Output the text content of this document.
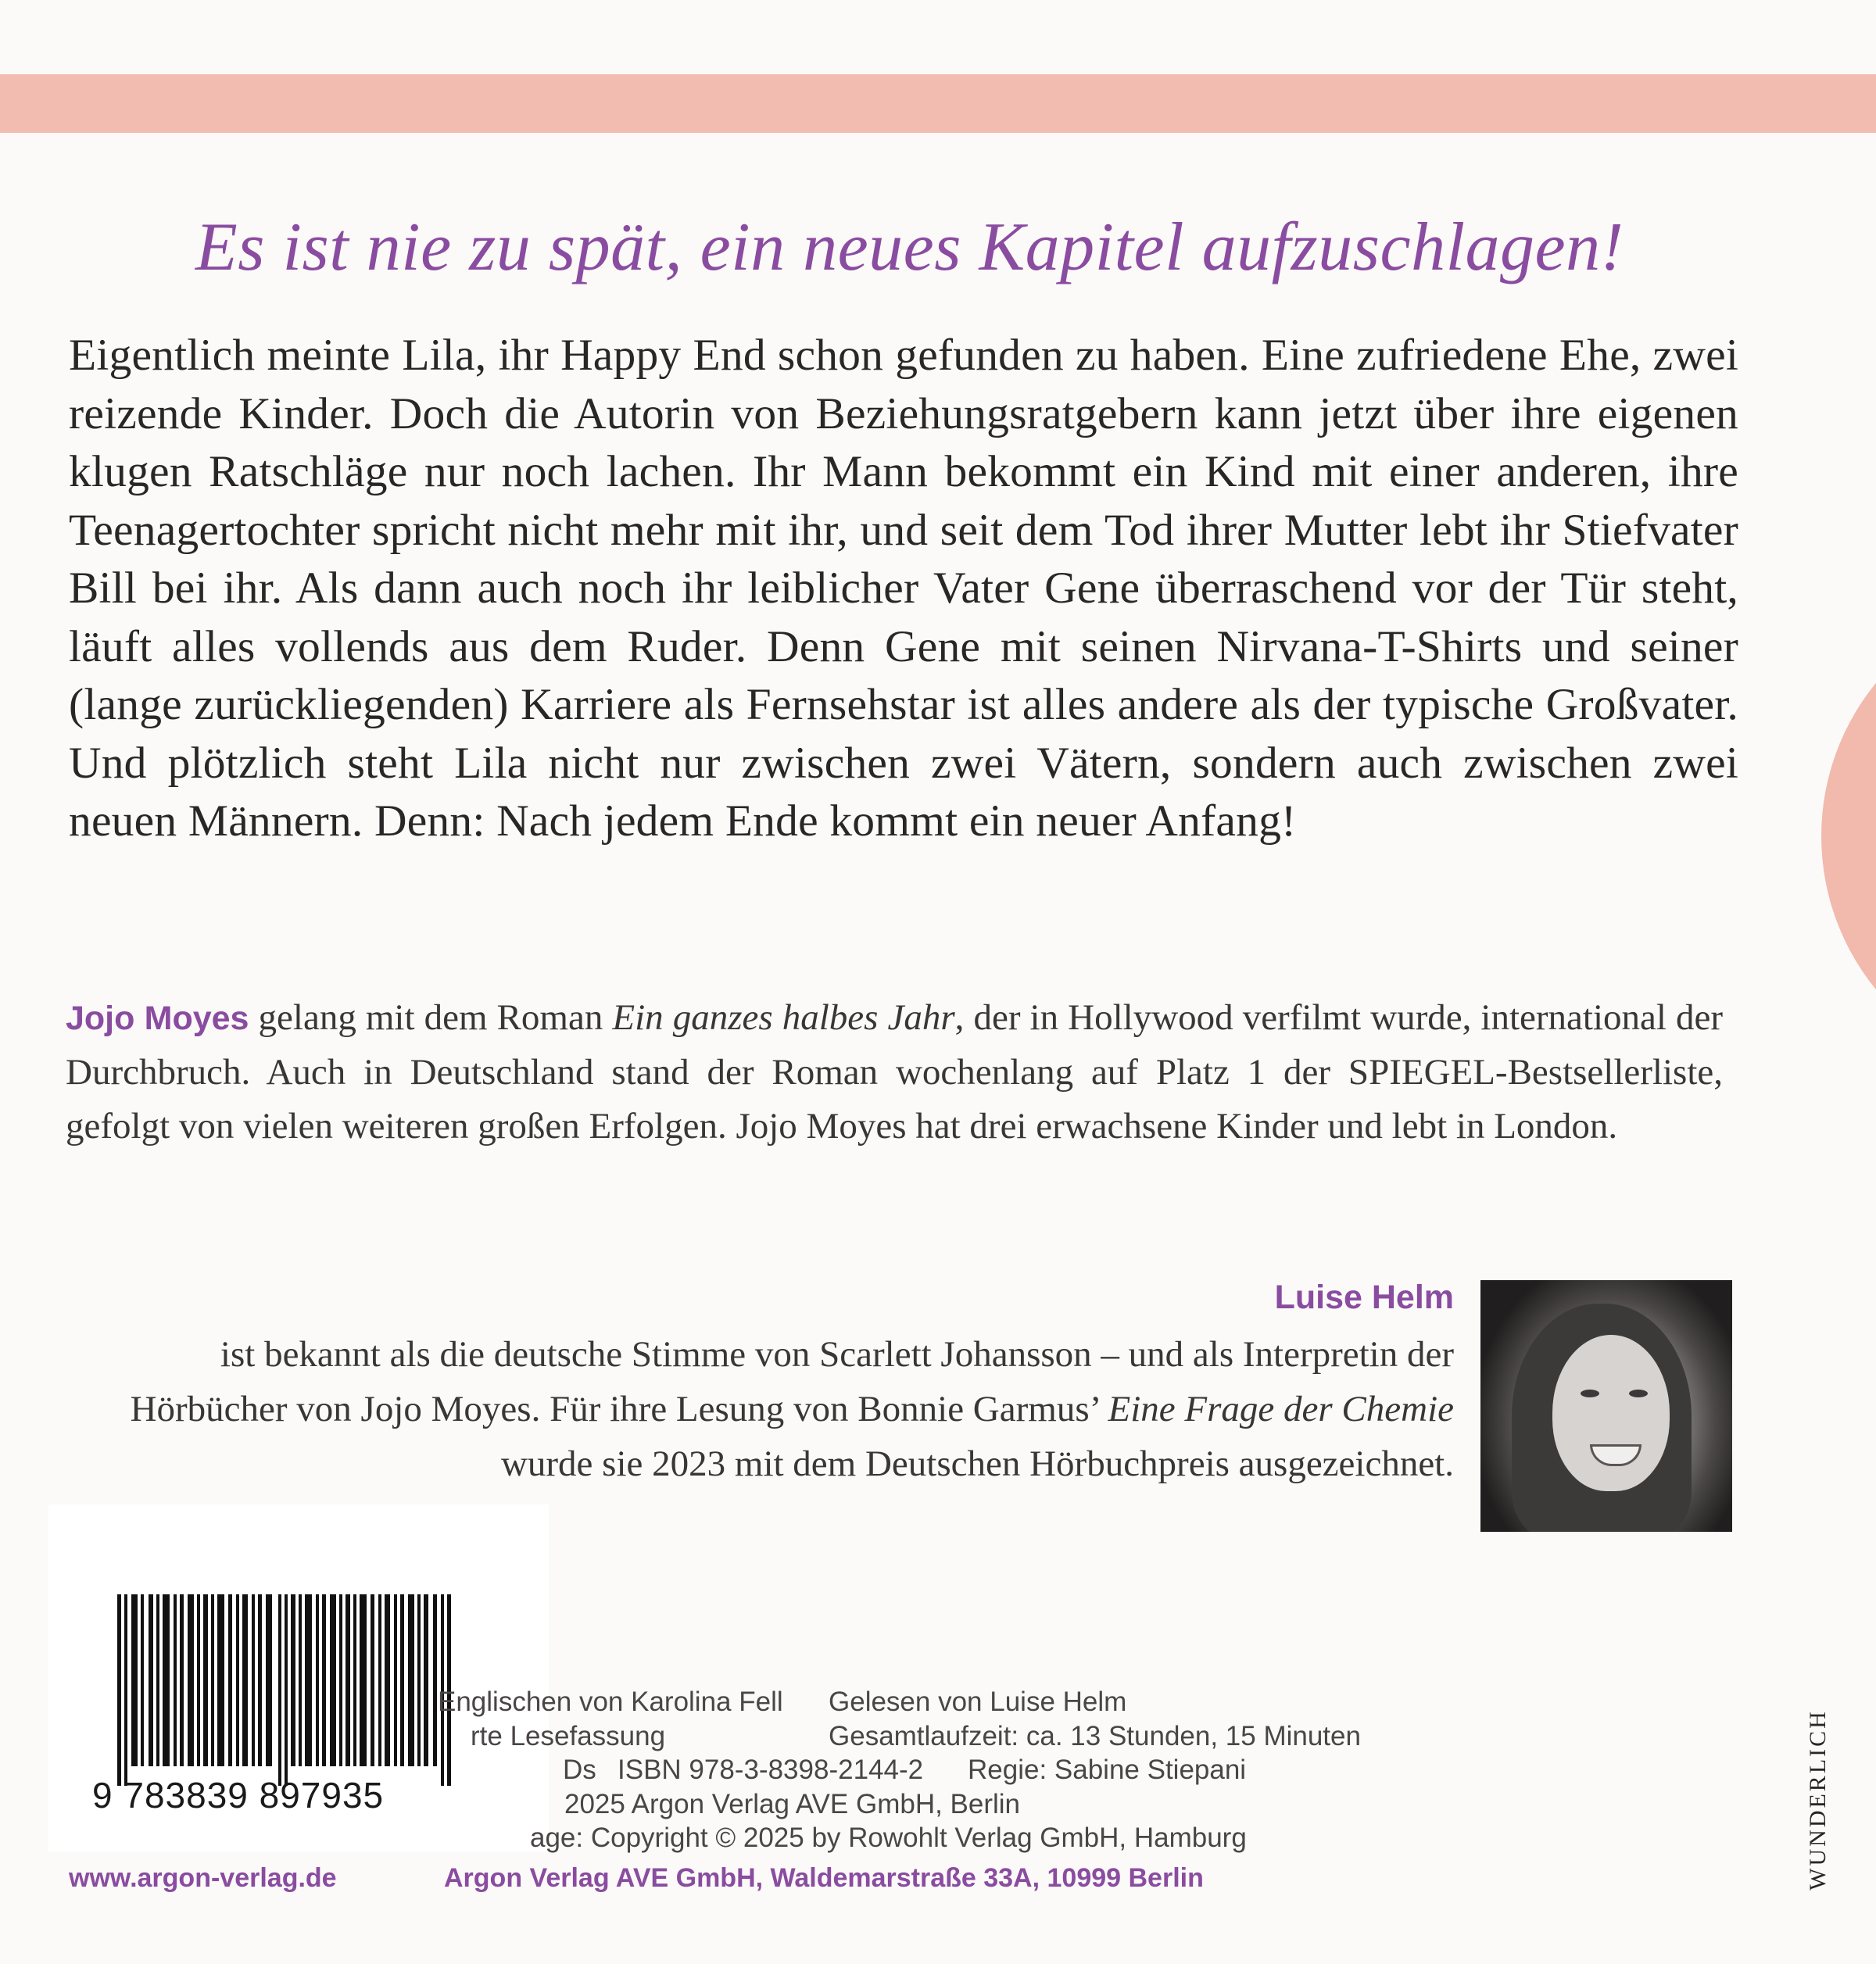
Es ist nie zu spät, ein neues Kapitel aufzuschlagen!
Eigentlich meinte Lila, ihr Happy End schon gefunden zu haben. Eine zufriedene Ehe, zwei reizende Kinder. Doch die Autorin von Beziehungsratgebern kann jetzt über ihre eigenen klugen Ratschläge nur noch lachen. Ihr Mann bekommt ein Kind mit einer anderen, ihre Teenagertochter spricht nicht mehr mit ihr, und seit dem Tod ihrer Mutter lebt ihr Stiefvater Bill bei ihr. Als dann auch noch ihr leiblicher Vater Gene überraschend vor der Tür steht, läuft alles vollends aus dem Ruder. Denn Gene mit seinen Nirvana-T-Shirts und seiner (lange zurückliegenden) Karriere als Fernsehstar ist alles andere als der typische Großvater. Und plötzlich steht Lila nicht nur zwischen zwei Vätern, sondern auch zwischen zwei neuen Männern. Denn: Nach jedem Ende kommt ein neuer Anfang!
Jojo Moyes gelang mit dem Roman Ein ganzes halbes Jahr, der in Hollywood verfilmt wurde, international der Durchbruch. Auch in Deutschland stand der Roman wochenlang auf Platz 1 der SPIEGEL-Bestsellerliste, gefolgt von vielen weiteren großen Erfolgen. Jojo Moyes hat drei erwachsene Kinder und lebt in London.
Luise Helm
ist bekannt als die deutsche Stimme von Scarlett Johansson – und als Interpretin der Hörbücher von Jojo Moyes. Für ihre Lesung von Bonnie Garmus’ Eine Frage der Chemie wurde sie 2023 mit dem Deutschen Hörbuchpreis ausgezeichnet.
9 783839 897935
Englischen von Karolina Fell Gelesen von Luise Helm
rte Lesefassung	Gesamtlaufzeit: ca. 13 Stunden, 15 Minuten
Ds ISBN 978-3-8398-2144-2 Regie: Sabine Stiepani
2025 Argon Verlag AVE GmbH, Berlin
age: Copyright © 2025 by Rowohlt Verlag GmbH, Hamburg
www.argon-verlag.de	Argon Verlag AVE GmbH, Waldemarstraße 33A, 10999 Berlin	WUNDERLICH
